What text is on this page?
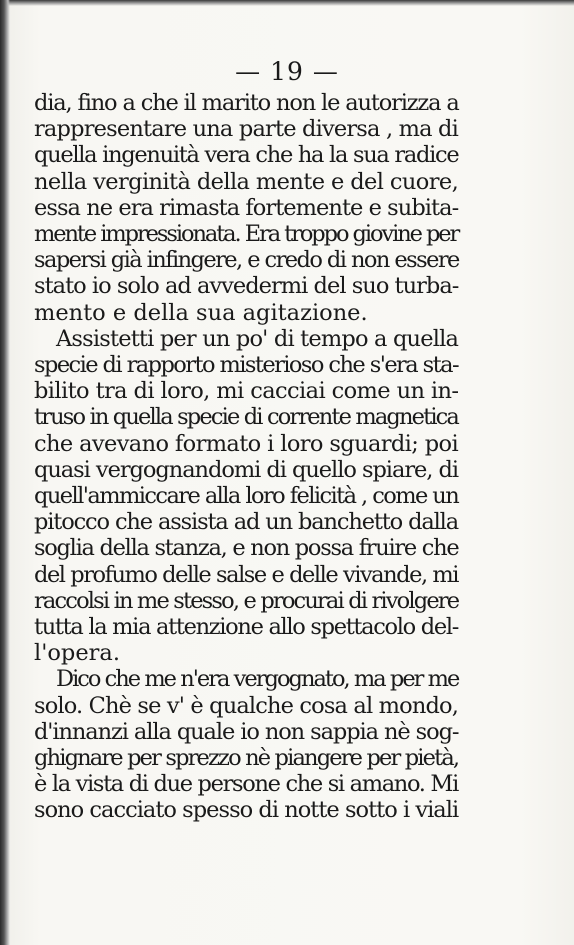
— 19 —
dia, fino a che il marito non le autorizza a
rappresentare una parte diversa , ma di
quella ingenuità vera che ha la sua radice
nella verginità della mente e del cuore,
essa ne era rimasta fortemente e subita-
mente impressionata. Era troppo giovine per
sapersi già infingere, e credo di non essere
stato io solo ad avvedermi del suo turba-
mento e della sua agitazione.
Assistetti per un po' di tempo a quella
specie di rapporto misterioso che s'era sta-
bilito tra di loro, mi cacciai come un in-
truso in quella specie di corrente magnetica
che avevano formato i loro sguardi; poi
quasi vergognandomi di quello spiare, di
quell'ammiccare alla loro felicità , come un
pitocco che assista ad un banchetto dalla
soglia della stanza, e non possa fruire che
del profumo delle salse e delle vivande, mi
raccolsi in me stesso, e procurai di rivolgere
tutta la mia attenzione allo spettacolo del-
l'opera.
Dico che me n'era vergognato, ma per me
solo. Chè se v' è qualche cosa al mondo,
d'innanzi alla quale io non sappia nè sog-
ghignare per sprezzo nè piangere per pietà,
è la vista di due persone che si amano. Mi
sono cacciato spesso di notte sotto i viali
